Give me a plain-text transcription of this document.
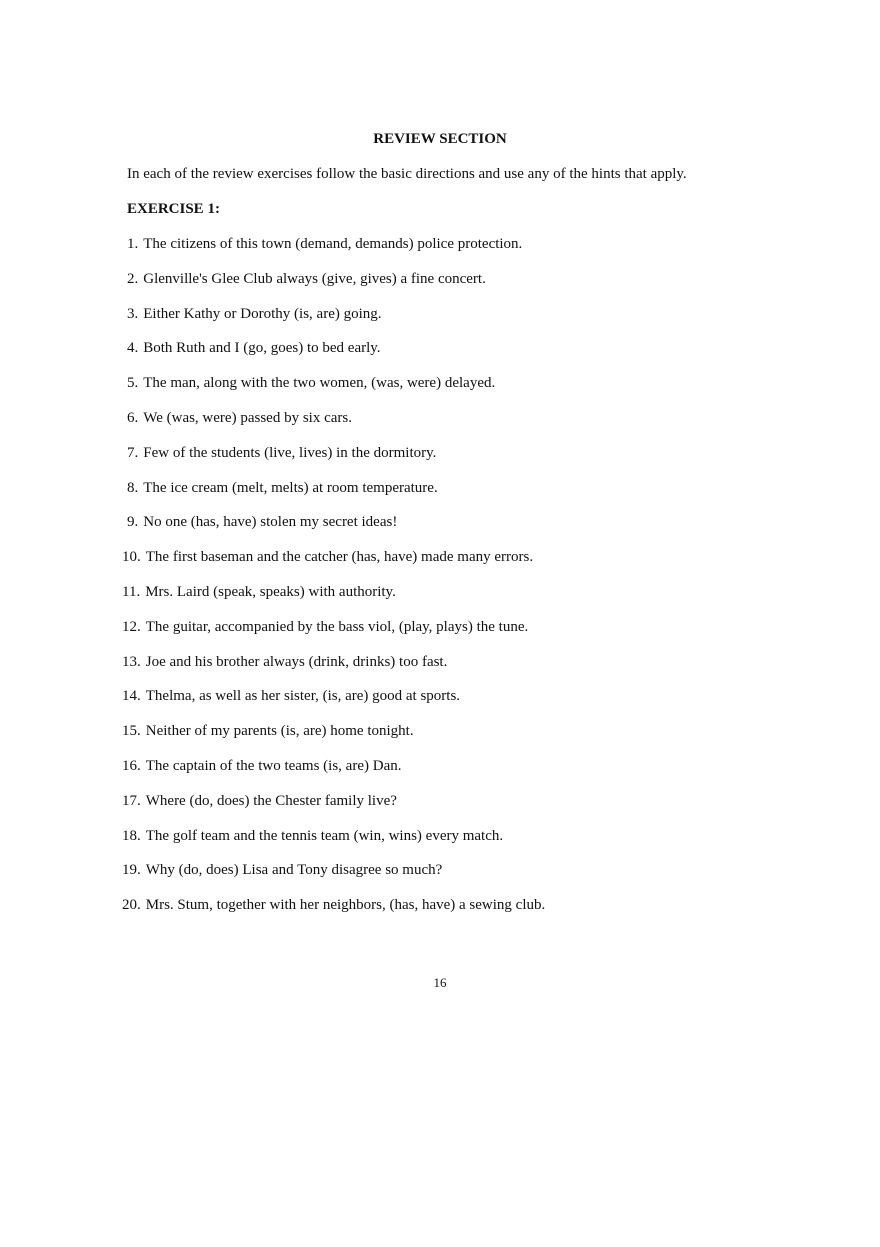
REVIEW SECTION
In each of the review exercises follow the basic directions and use any of the hints that apply.
EXERCISE 1:
1. The citizens of this town (demand, demands) police protection.
2. Glenville's Glee Club always (give, gives) a fine concert.
3. Either Kathy or Dorothy (is, are) going.
4. Both Ruth and I (go, goes) to bed early.
5. The man, along with the two women, (was, were) delayed.
6. We (was, were) passed by six cars.
7. Few of the students (live, lives) in the dormitory.
8. The ice cream (melt, melts) at room temperature.
9. No one (has, have) stolen my secret ideas!
10. The first baseman and the catcher (has, have) made many errors.
11. Mrs. Laird (speak, speaks) with authority.
12. The guitar, accompanied by the bass viol, (play, plays) the tune.
13. Joe and his brother always (drink, drinks) too fast.
14. Thelma, as well as her sister, (is, are) good at sports.
15. Neither of my parents (is, are) home tonight.
16. The captain of the two teams (is, are) Dan.
17. Where (do, does) the Chester family live?
18. The golf team and the tennis team (win, wins) every match.
19. Why (do, does) Lisa and Tony disagree so much?
20. Mrs. Stum, together with her neighbors, (has, have) a sewing club.
16
